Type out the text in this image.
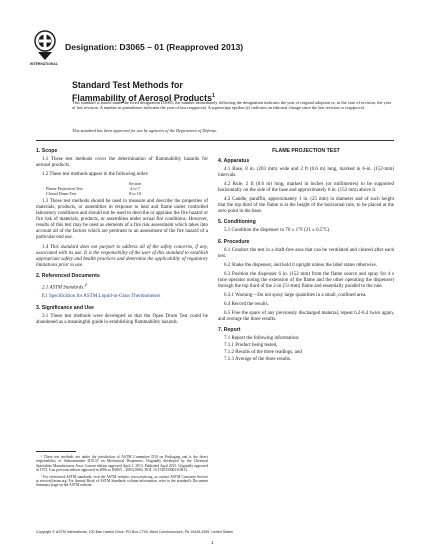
INTERNATIONAL
Designation: D3065 – 01 (Reapproved 2013)
Standard Test Methods for
Flammability of Aerosol Products$^1$
This standard is issued under the fixed designation D3065; the number immediately following the designation indicates the year of original adoption or, in the case of revision, the year of last revision. A number in parentheses indicates the year of last reapproval. A superscript epsilon (ε) indicates an editorial change since the last revision or reapproval.
This standard has been approved for use by agencies of the Department of Defense.
1. Scope

1.1 These test methods cover the determination of flammability hazards for aerosol products.

1.2 These test methods appear in the following order:

Section
Flame Projection Test	4 to 7
Closed Drum Test	8 to 10

1.3 These test methods should be used to measure and describe the properties of materials, products, or assemblies in response to heat and flame under controlled laboratory conditions and should not be used to describe or appraise the fire hazard or fire risk of materials, products, or assemblies under actual fire conditions. However, results of this test may be used as elements of a fire risk assessment which takes into account all of the factors which are pertinent to an assessment of the fire hazard of a particular end use.

1.4 This standard does not purport to address all of the safety concerns, if any, associated with its use. It is the responsibility of the user of this standard to establish appropriate safety and health practices and determine the applicability of regulatory limitations prior to use.

2. Referenced Documents

2.1 ASTM Standards:$^2$

E1 Specification for ASTM Liquid-in-Glass Thermometers

3. Significance and Use

3.1 These test methods were developed so that the Open Drum Test could be abandoned as a meaningful guide in establishing flammability hazards.

¹ These test methods are under the jurisdiction of ASTM Committee D10 on Packaging and is the direct responsibility of Subcommittee D10.33 on Mechanical Dispensers. Originally developed by the Chemical Specialties Manufacturers Assn. Current edition approved April 1, 2013. Published April 2013. Originally approved in 1972. Last previous edition approved in 2006 as D3065 – 2001(2006). DOI: 10.1520/D3065-01R13.

² For referenced ASTM standards, visit the ASTM website, www.astm.org, or contact ASTM Customer Service at service@astm.org. For Annual Book of ASTM Standards volume information, refer to the standard's Document Summary page on the ASTM website.

FLAME PROJECTION TEST
4. Apparatus

4.1 Base, 8 in. (203 mm) wide and 2 ft (0.6 m) long, marked in 6-in. (152-mm) intervals.

4.2 Rule, 2 ft (0.6 m) long, marked in inches (or millimetres) to be supported horizontally on the side of the base and approximately 6 in. (152 mm) above it.

4.3 Candle, paraffin, approximately 1 in. (25 mm) in diameter and of such height that the top third of the flame is at the height of the horizontal rule, to be placed at the zero point in the base.

5. Conditioning

5.1 Condition the dispenser to 70 ± 1°F (21 ± 0.5°C).

6. Procedure

6.1 Conduct the test in a draft-free area that can be ventilated and cleared after each test.

6.2 Shake the dispenser, and hold it upright unless the label states otherwise.

6.3 Position the dispenser 6 in. (152 mm) from the flame source and spray for 4 s (one operator noting the extension of the flame and the other operating the dispenser) through the top third of the 2-in (51-mm) flame and essentially parallel to the rule.

6.3.1 Warning—Do not spray large quantities in a small, confined area.

6.4 Record the results.

6.5 Free the space of any previously discharged material, repeat 6.2-6.4 twice again, and average the three results.

7. Report

7.1 Report the following information:

7.1.1 Product being tested,

7.1.2 Results of the three readings, and

7.1.3 Average of the three results.

Copyright © ASTM International, 100 Barr Harbor Drive, PO Box C700, West Conshohocken, PA 19428-2959. United States
1
